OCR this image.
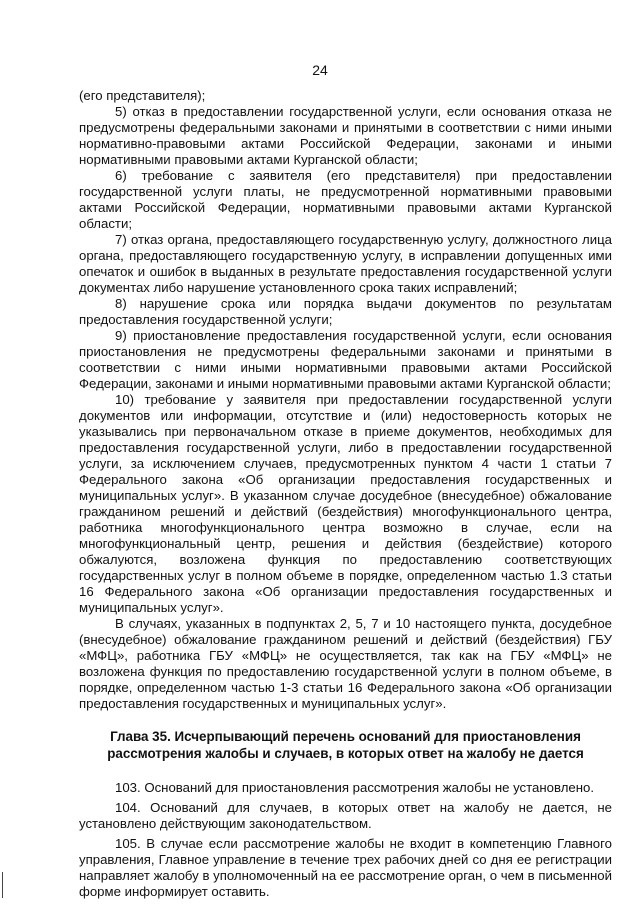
24

(его представителя);

5) отказ в предоставлении государственной услуги, если основания отказа не предусмотрены федеральными законами и принятыми в соответствии с ними иными нормативно-правовыми актами Российской Федерации, законами и иными нормативными правовыми актами Курганской области;

6) требование с заявителя (его представителя) при предоставлении государственной услуги платы, не предусмотренной нормативными правовыми актами Российской Федерации, нормативными правовыми актами Курганской области;

7) отказ органа, предоставляющего государственную услугу, должностного лица органа, предоставляющего государственную услугу, в исправлении допущенных ими опечаток и ошибок в выданных в результате предоставления государственной услуги документах либо нарушение установленного срока таких исправлений;

8) нарушение срока или порядка выдачи документов по результатам предоставления государственной услуги;

9) приостановление предоставления государственной услуги, если основания приостановления не предусмотрены федеральными законами и принятыми в соответствии с ними иными нормативными правовыми актами Российской Федерации, законами и иными нормативными правовыми актами Курганской области;

10) требование у заявителя при предоставлении государственной услуги документов или информации, отсутствие и (или) недостоверность которых не указывались при первоначальном отказе в приеме документов, необходимых для предоставления государственной услуги, либо в предоставлении государственной услуги, за исключением случаев, предусмотренных пунктом 4 части 1 статьи 7 Федерального закона «Об организации предоставления государственных и муниципальных услуг». В указанном случае досудебное (внесудебное) обжалование гражданином решений и действий (бездействия) многофункционального центра, работника многофункционального центра возможно в случае, если на многофункциональный центр, решения и действия (бездействие) которого обжалуются, возложена функция по предоставлению соответствующих государственных услуг в полном объеме в порядке, определенном частью 1.3 статьи 16 Федерального закона «Об организации предоставления государственных и муниципальных услуг».

В случаях, указанных в подпунктах 2, 5, 7 и 10 настоящего пункта, досудебное (внесудебное) обжалование гражданином решений и действий (бездействия) ГБУ «МФЦ», работника ГБУ «МФЦ» не осуществляется, так как на ГБУ «МФЦ» не возложена функция по предоставлению государственной услуги в полном объеме, в порядке, определенном частью 1-3 статьи 16 Федерального закона «Об организации предоставления государственных и муниципальных услуг».

Глава 35. Исчерпывающий перечень оснований для приостановления
рассмотрения жалобы и случаев, в которых ответ на жалобу не дается

103. Оснований для приостановления рассмотрения жалобы не установлено.

104. Оснований для случаев, в которых ответ на жалобу не дается, не установлено действующим законодательством.

105. В случае если рассмотрение жалобы не входит в компетенцию Главного управления, Главное управление в течение трех рабочих дней со дня ее регистрации направляет жалобу в уполномоченный на ее рассмотрение орган, о чем в письменной форме информирует оставить.
